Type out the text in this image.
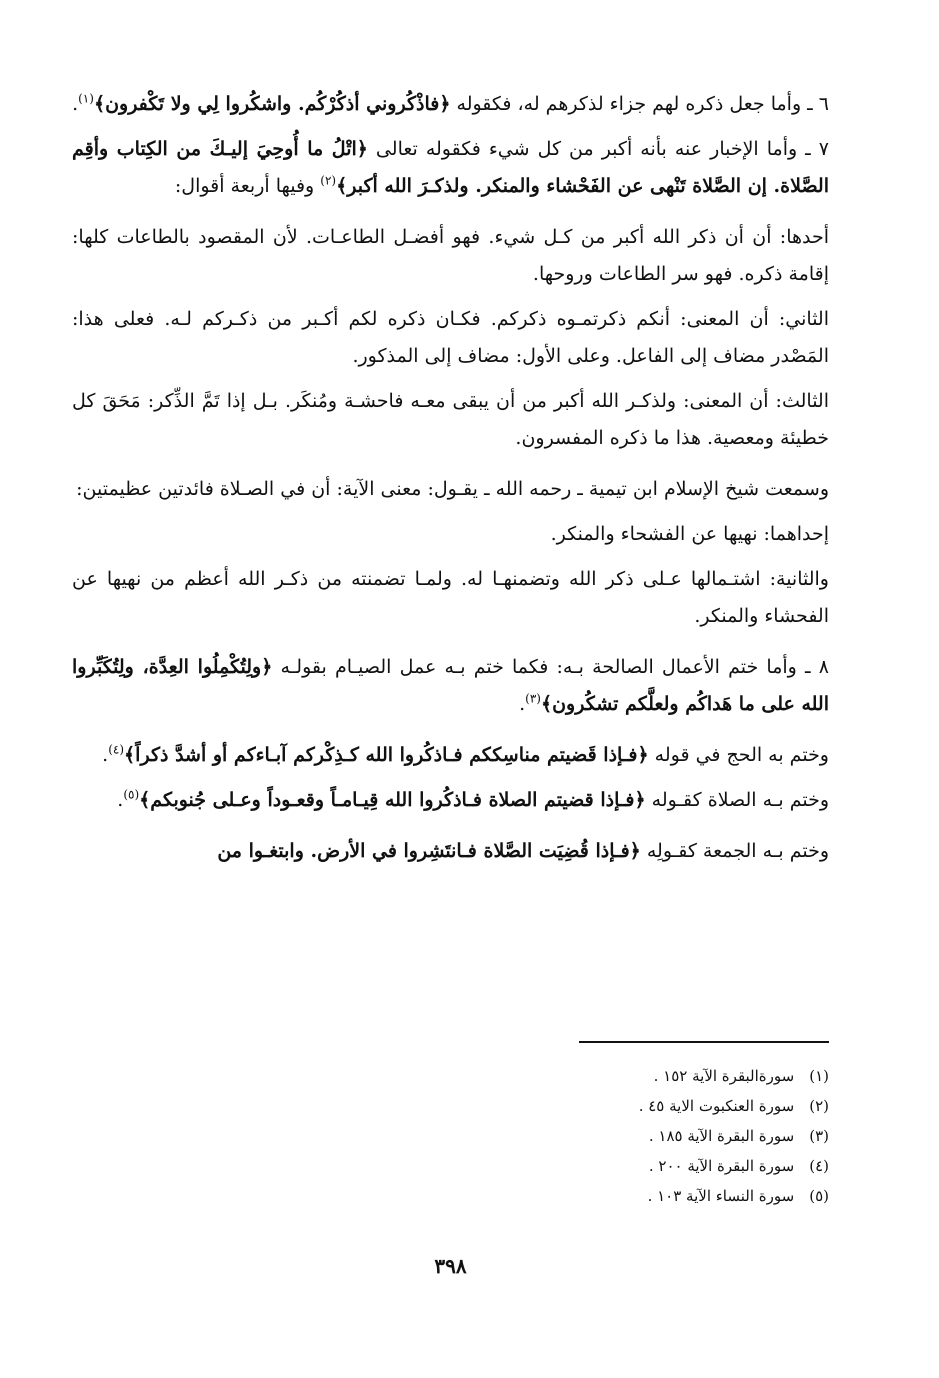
٦ ـ وأما جعل ذكره لهم جزاء لذكرهم له، فكقوله ﴿فاذْكُروني أذكُرْكُم. واشكُروا لِي ولا تَكْفرون﴾$^{(١)}$.

٧ ـ وأما الإخبار عنه بأنه أكبر من كل شيء فكقوله تعالى ﴿اتْلُ ما أُوحِيَ إليـكَ من الكِتاب وأقِم الصَّلاة. إن الصَّلاة تَنْهى عن الفَحْشاء والمنكر. ولذكـرَ الله أكبر﴾$^{(٢)}$ وفيها أربعة أقوال:

أحدها: أن أن ذكر الله أكبر من كـل شيء. فهو أفضـل الطاعـات. لأن المقصود بالطاعات كلها: إقامة ذكره. فهو سر الطاعات وروحها.

الثاني: أن المعنى: أنكم ذكرتمـوه ذكركم. فكـان ذكره لكم أكـبر من ذكـركم لـه. فعلى هذا: المَصْدر مضاف إلى الفاعل. وعلى الأول: مضاف إلى المذكور.

الثالث: أن المعنى: ولذكـر الله أكبر من أن يبقى معـه فاحشـة ومُنكَر. بـل إذا تَمَّ الذِّكر: مَحَقَ كل خطيئة ومعصية. هذا ما ذكره المفسرون.

وسمعت شيخ الإسلام ابن تيمية ـ رحمه الله ـ يقـول: معنى الآية: أن في الصـلاة فائدتين عظيمتين:

إحداهما: نهيها عن الفشحاء والمنكر.

والثانية: اشتـمالها عـلى ذكر الله وتضمنهـا له. ولمـا تضمنته من ذكـر الله أعظم من نهيها عن الفحشاء والمنكر.

٨ ـ وأما ختم الأعمال الصالحة بـه: فكما ختم بـه عمل الصيـام بقولـه ﴿ولِتُكْمِلُوا العِدَّة، ولِتُكَبِّروا الله على ما هَداكُم ولعلَّكم تشكُرون﴾$^{(٣)}$.

وختم به الحج في قوله ﴿فـإذا قَضيتم مناسِككم فـاذكُروا الله كـذِكْركم آبـاءكم أو أشدَّ ذكراً﴾$^{(٤)}$.

وختم بـه الصلاة كقـوله ﴿فـإذا قضيتم الصلاة فـاذكُروا الله قِيـامـاً وقعـوداً وعـلى جُنوبكم﴾$^{(٥)}$.

وختم بـه الجمعة كقـولِه ﴿فـإذا قُضِيَت الصَّلاة فـانتَشِروا في الأرض. وابتغـوا من

(١) سورةالبقرة الآية ١٥٢ .
(٢) سورة العنكبوت الاية ٤٥ .
(٣) سورة البقرة الآية ١٨٥ .
(٤) سورة البقرة الآية ٢٠٠ .
(٥) سورة النساء الآية ١٠٣ .
٣٩٨
